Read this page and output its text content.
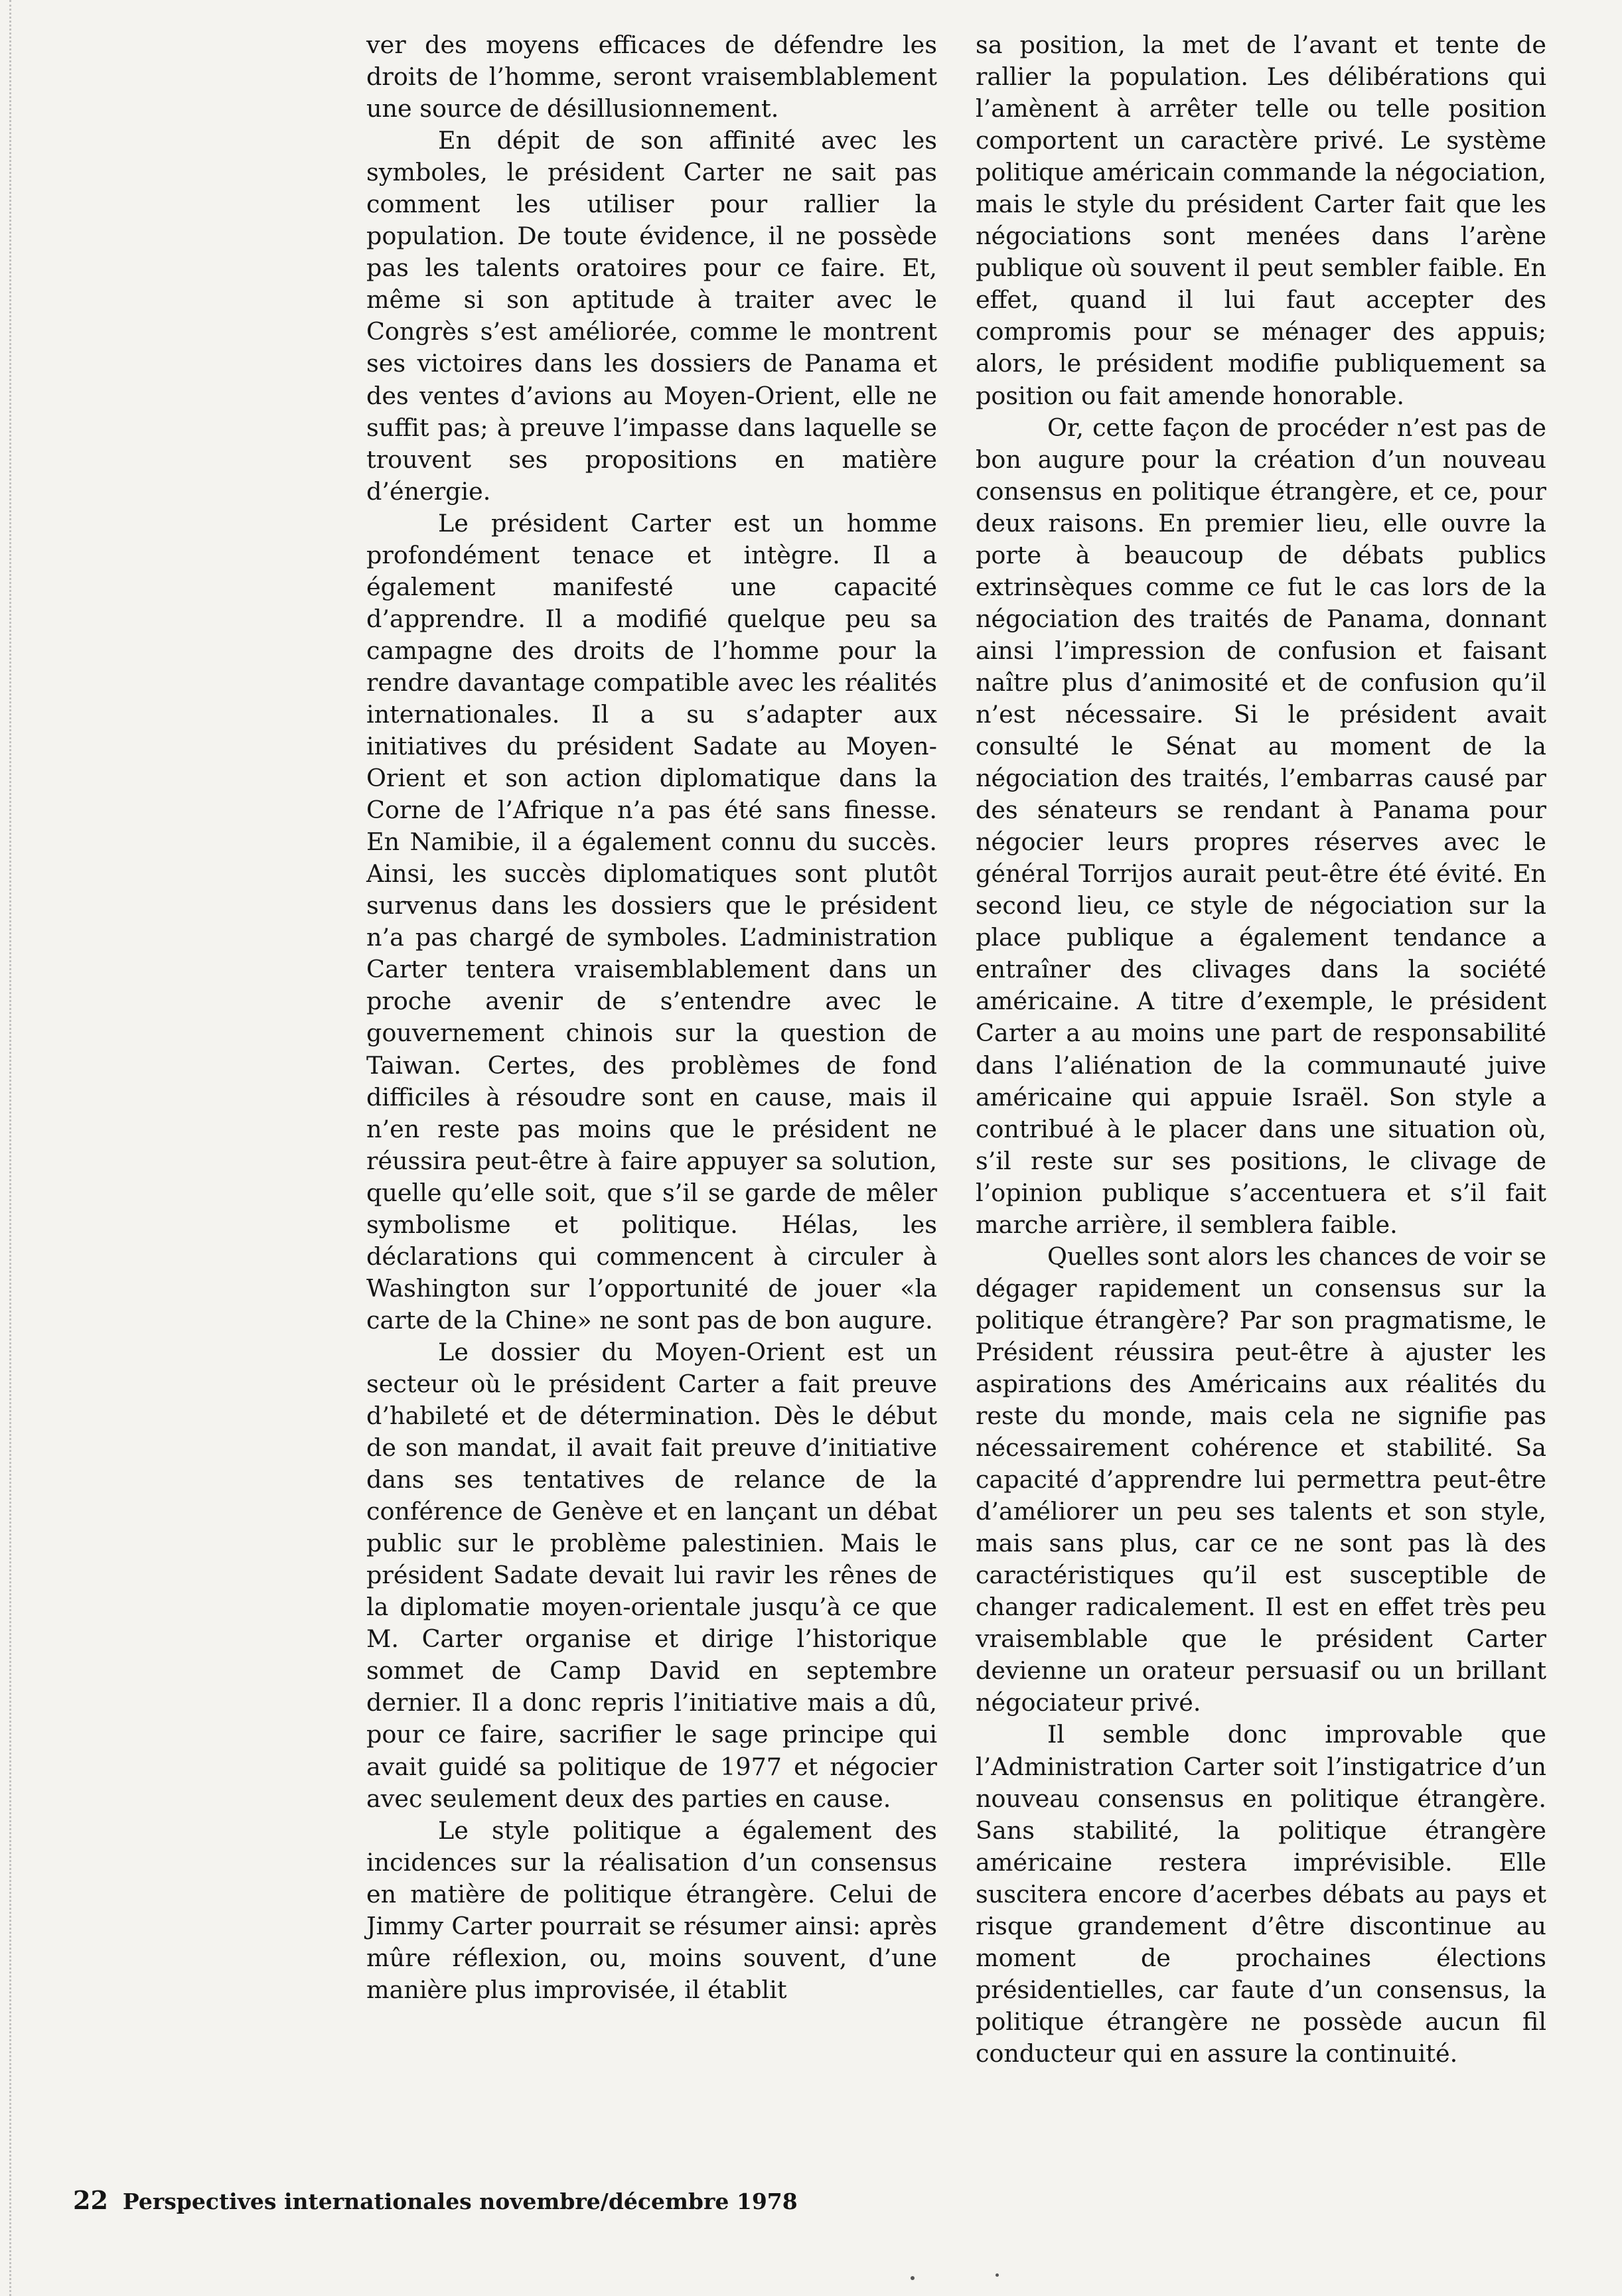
ver des moyens efficaces de défendre les droits de l’homme, seront vraisemblablement une source de désillusionnement.

En dépit de son affinité avec les symboles, le président Carter ne sait pas comment les utiliser pour rallier la population. De toute évidence, il ne possède pas les talents oratoires pour ce faire. Et, même si son aptitude à traiter avec le Congrès s’est améliorée, comme le montrent ses victoires dans les dossiers de Panama et des ventes d’avions au Moyen-Orient, elle ne suffit pas; à preuve l’impasse dans laquelle se trouvent ses propositions en matière d’énergie.

Le président Carter est un homme profondément tenace et intègre. Il a également manifesté une capacité d’apprendre. Il a modifié quelque peu sa campagne des droits de l’homme pour la rendre davantage compatible avec les réalités internationales. Il a su s’adapter aux initiatives du président Sadate au Moyen-Orient et son action diplomatique dans la Corne de l’Afrique n’a pas été sans finesse. En Namibie, il a également connu du succès. Ainsi, les succès diplomatiques sont plutôt survenus dans les dossiers que le président n’a pas chargé de symboles. L’administration Carter tentera vraisemblablement dans un proche avenir de s’entendre avec le gouvernement chinois sur la question de Taiwan. Certes, des problèmes de fond difficiles à résoudre sont en cause, mais il n’en reste pas moins que le président ne réussira peut-être à faire appuyer sa solution, quelle qu’elle soit, que s’il se garde de mêler symbolisme et politique. Hélas, les déclarations qui commencent à circuler à Washington sur l’opportunité de jouer «la carte de la Chine» ne sont pas de bon augure.

Le dossier du Moyen-Orient est un secteur où le président Carter a fait preuve d’habileté et de détermination. Dès le début de son mandat, il avait fait preuve d’initiative dans ses tentatives de relance de la conférence de Genève et en lançant un débat public sur le problème palestinien. Mais le président Sadate devait lui ravir les rênes de la diplomatie moyen-orientale jusqu’à ce que M. Carter organise et dirige l’historique sommet de Camp David en septembre dernier. Il a donc repris l’initiative mais a dû, pour ce faire, sacrifier le sage principe qui avait guidé sa politique de 1977 et négocier avec seulement deux des parties en cause.

Le style politique a également des incidences sur la réalisation d’un consensus en matière de politique étrangère. Celui de Jimmy Carter pourrait se résumer ainsi: après mûre réflexion, ou, moins souvent, d’une manière plus improvisée, il établit

sa position, la met de l’avant et tente de rallier la population. Les délibérations qui l’amènent à arrêter telle ou telle position comportent un caractère privé. Le système politique américain commande la négociation, mais le style du président Carter fait que les négociations sont menées dans l’arène publique où souvent il peut sembler faible. En effet, quand il lui faut accepter des compromis pour se ménager des appuis; alors, le président modifie publiquement sa position ou fait amende honorable.

Or, cette façon de procéder n’est pas de bon augure pour la création d’un nouveau consensus en politique étrangère, et ce, pour deux raisons. En premier lieu, elle ouvre la porte à beaucoup de débats publics extrinsèques comme ce fut le cas lors de la négociation des traités de Panama, donnant ainsi l’impression de confusion et faisant naître plus d’animosité et de confusion qu’il n’est nécessaire. Si le président avait consulté le Sénat au moment de la négociation des traités, l’embarras causé par des sénateurs se rendant à Panama pour négocier leurs propres réserves avec le général Torrijos aurait peut-être été évité. En second lieu, ce style de négociation sur la place publique a également tendance a entraîner des clivages dans la société américaine. A titre d’exemple, le président Carter a au moins une part de responsabilité dans l’aliénation de la communauté juive américaine qui appuie Israël. Son style a contribué à le placer dans une situation où, s’il reste sur ses positions, le clivage de l’opinion publique s’accentuera et s’il fait marche arrière, il semblera faible.

Quelles sont alors les chances de voir se dégager rapidement un consensus sur la politique étrangère? Par son pragmatisme, le Président réussira peut-être à ajuster les aspirations des Américains aux réalités du reste du monde, mais cela ne signifie pas nécessairement cohérence et stabilité. Sa capacité d’apprendre lui permettra peut-être d’améliorer un peu ses talents et son style, mais sans plus, car ce ne sont pas là des caractéristiques qu’il est susceptible de changer radicalement. Il est en effet très peu vraisemblable que le président Carter devienne un orateur persuasif ou un brillant négociateur privé.

Il semble donc improvable que l’Administration Carter soit l’instigatrice d’un nouveau consensus en politique étrangère. Sans stabilité, la politique étrangère américaine restera imprévisible. Elle suscitera encore d’acerbes débats au pays et risque grandement d’être discontinue au moment de prochaines élections présidentielles, car faute d’un consensus, la politique étrangère ne possède aucun fil conducteur qui en assure la continuité.

22 Perspectives internationales novembre/décembre 1978
